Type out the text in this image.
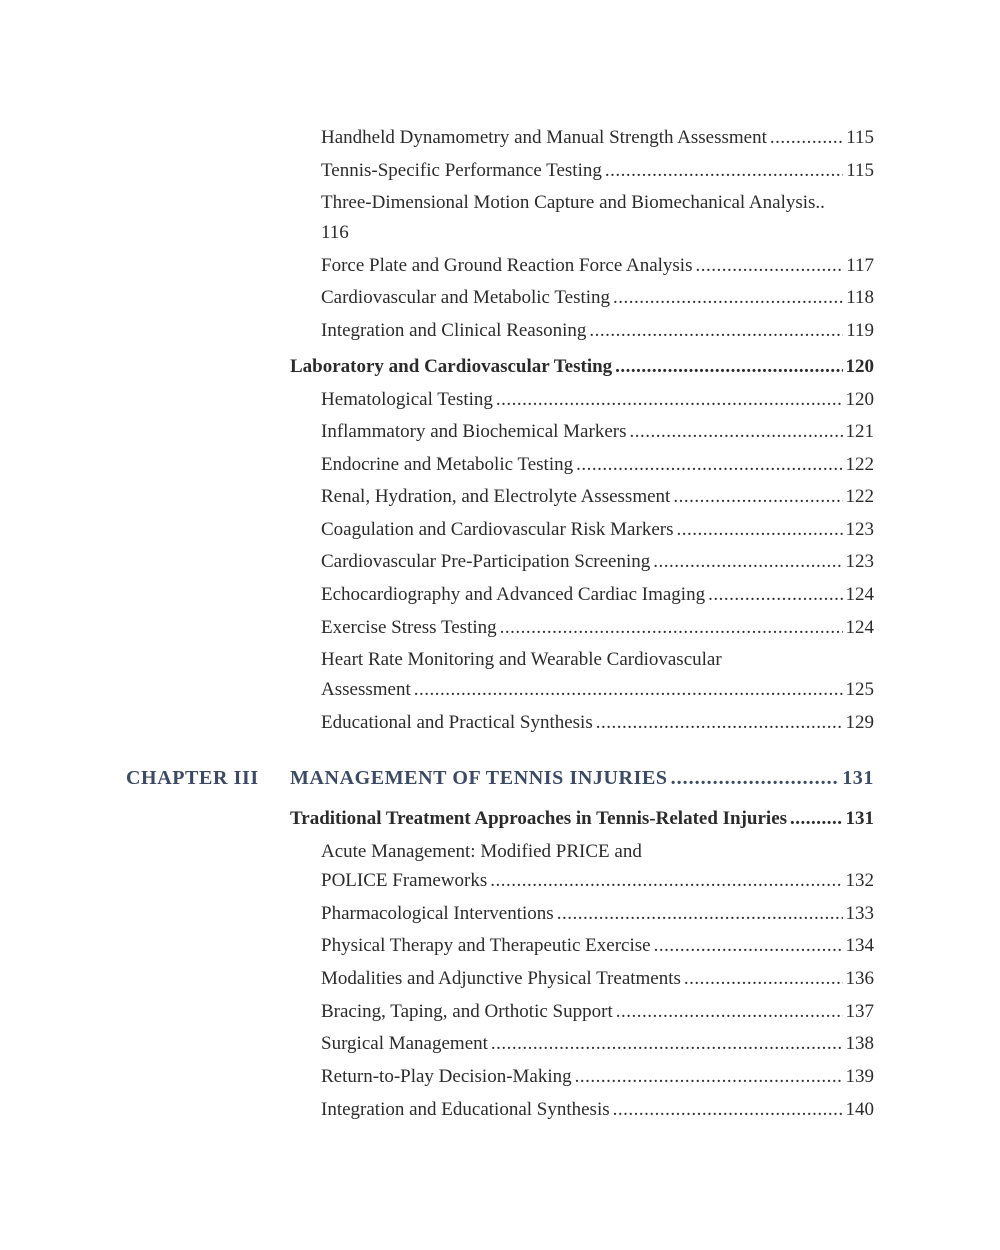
Handheld Dynamometry and Manual Strength Assessment .....	115
Tennis-Specific Performance Testing .....	115
Three-Dimensional Motion Capture and Biomechanical Analysis..
116
Force Plate and Ground Reaction Force Analysis .....	117
Cardiovascular and Metabolic Testing .....	118
Integration and Clinical Reasoning .....	119
Laboratory and Cardiovascular Testing .....	120
Hematological Testing .....	120
Inflammatory and Biochemical Markers .....	121
Endocrine and Metabolic Testing .....	122
Renal, Hydration, and Electrolyte Assessment .....	122
Coagulation and Cardiovascular Risk Markers .....	123
Cardiovascular Pre-Participation Screening .....	123
Echocardiography and Advanced Cardiac Imaging .....	124
Exercise Stress Testing .....	124
Heart Rate Monitoring and Wearable Cardiovascular
Assessment .....	125
Educational and Practical Synthesis .....	129
CHAPTER III MANAGEMENT OF TENNIS INJURIES .....	131
Traditional Treatment Approaches in Tennis-Related Injuries .....	131
Acute Management: Modified PRICE and
POLICE Frameworks .....	132
Pharmacological Interventions .....	133
Physical Therapy and Therapeutic Exercise .....	134
Modalities and Adjunctive Physical Treatments .....	136
Bracing, Taping, and Orthotic Support .....	137
Surgical Management .....	138
Return-to-Play Decision-Making .....	139
Integration and Educational Synthesis .....	140
